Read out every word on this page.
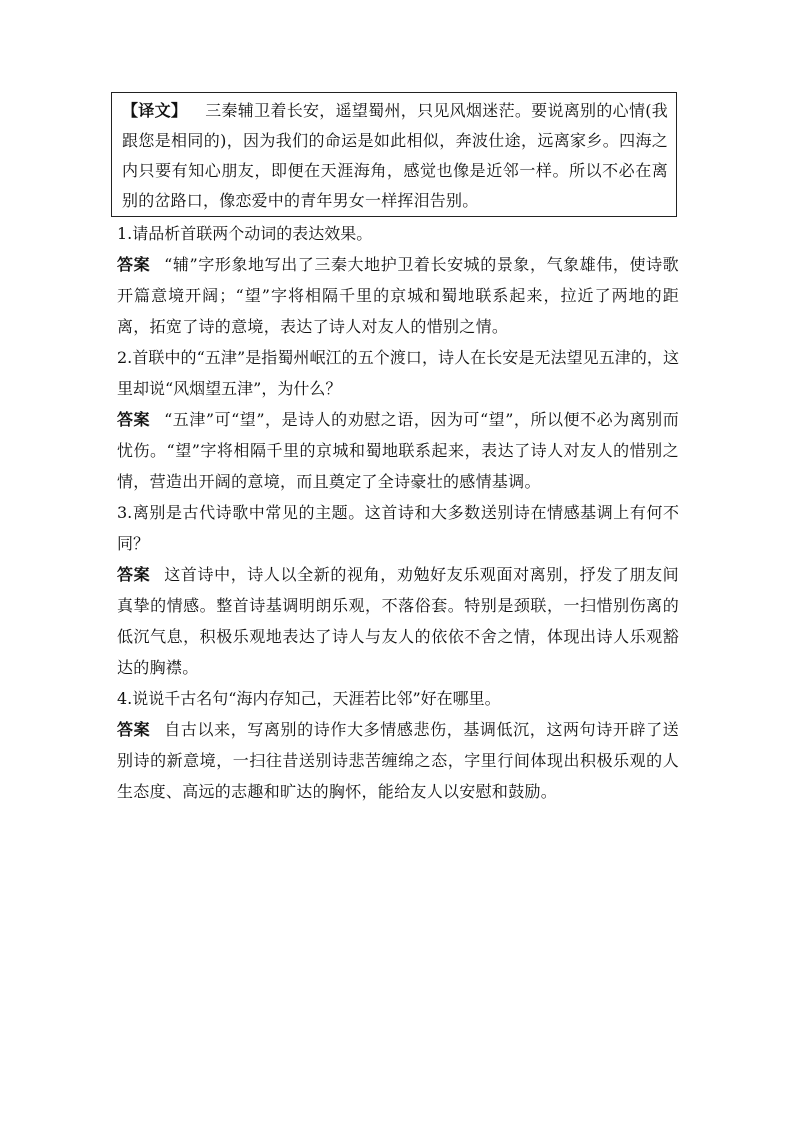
【译文】 三秦辅卫着长安，遥望蜀州，只见风烟迷茫。要说离别的心情(我跟您是相同的)，因为我们的命运是如此相似，奔波仕途，远离家乡。四海之内只要有知心朋友，即便在天涯海角，感觉也像是近邻一样。所以不必在离别的岔路口，像恋爱中的青年男女一样挥泪告别。

1.请品析首联两个动词的表达效果。

答案 “辅”字形象地写出了三秦大地护卫着长安城的景象，气象雄伟，使诗歌开篇意境开阔；“望”字将相隔千里的京城和蜀地联系起来，拉近了两地的距离，拓宽了诗的意境，表达了诗人对友人的惜别之情。

2.首联中的“五津”是指蜀州岷江的五个渡口，诗人在长安是无法望见五津的，这里却说“风烟望五津”，为什么？

答案 “五津”可“望”，是诗人的劝慰之语，因为可“望”，所以便不必为离别而忧伤。“望”字将相隔千里的京城和蜀地联系起来，表达了诗人对友人的惜别之情，营造出开阔的意境，而且奠定了全诗豪壮的感情基调。

3.离别是古代诗歌中常见的主题。这首诗和大多数送别诗在情感基调上有何不同？

答案 这首诗中，诗人以全新的视角，劝勉好友乐观面对离别，抒发了朋友间真挚的情感。整首诗基调明朗乐观，不落俗套。特别是颈联，一扫惜别伤离的低沉气息，积极乐观地表达了诗人与友人的依依不舍之情，体现出诗人乐观豁达的胸襟。

4.说说千古名句“海内存知己，天涯若比邻”好在哪里。

答案 自古以来，写离别的诗作大多情感悲伤，基调低沉，这两句诗开辟了送别诗的新意境，一扫往昔送别诗悲苦缠绵之态，字里行间体现出积极乐观的人生态度、高远的志趣和旷达的胸怀，能给友人以安慰和鼓励。
